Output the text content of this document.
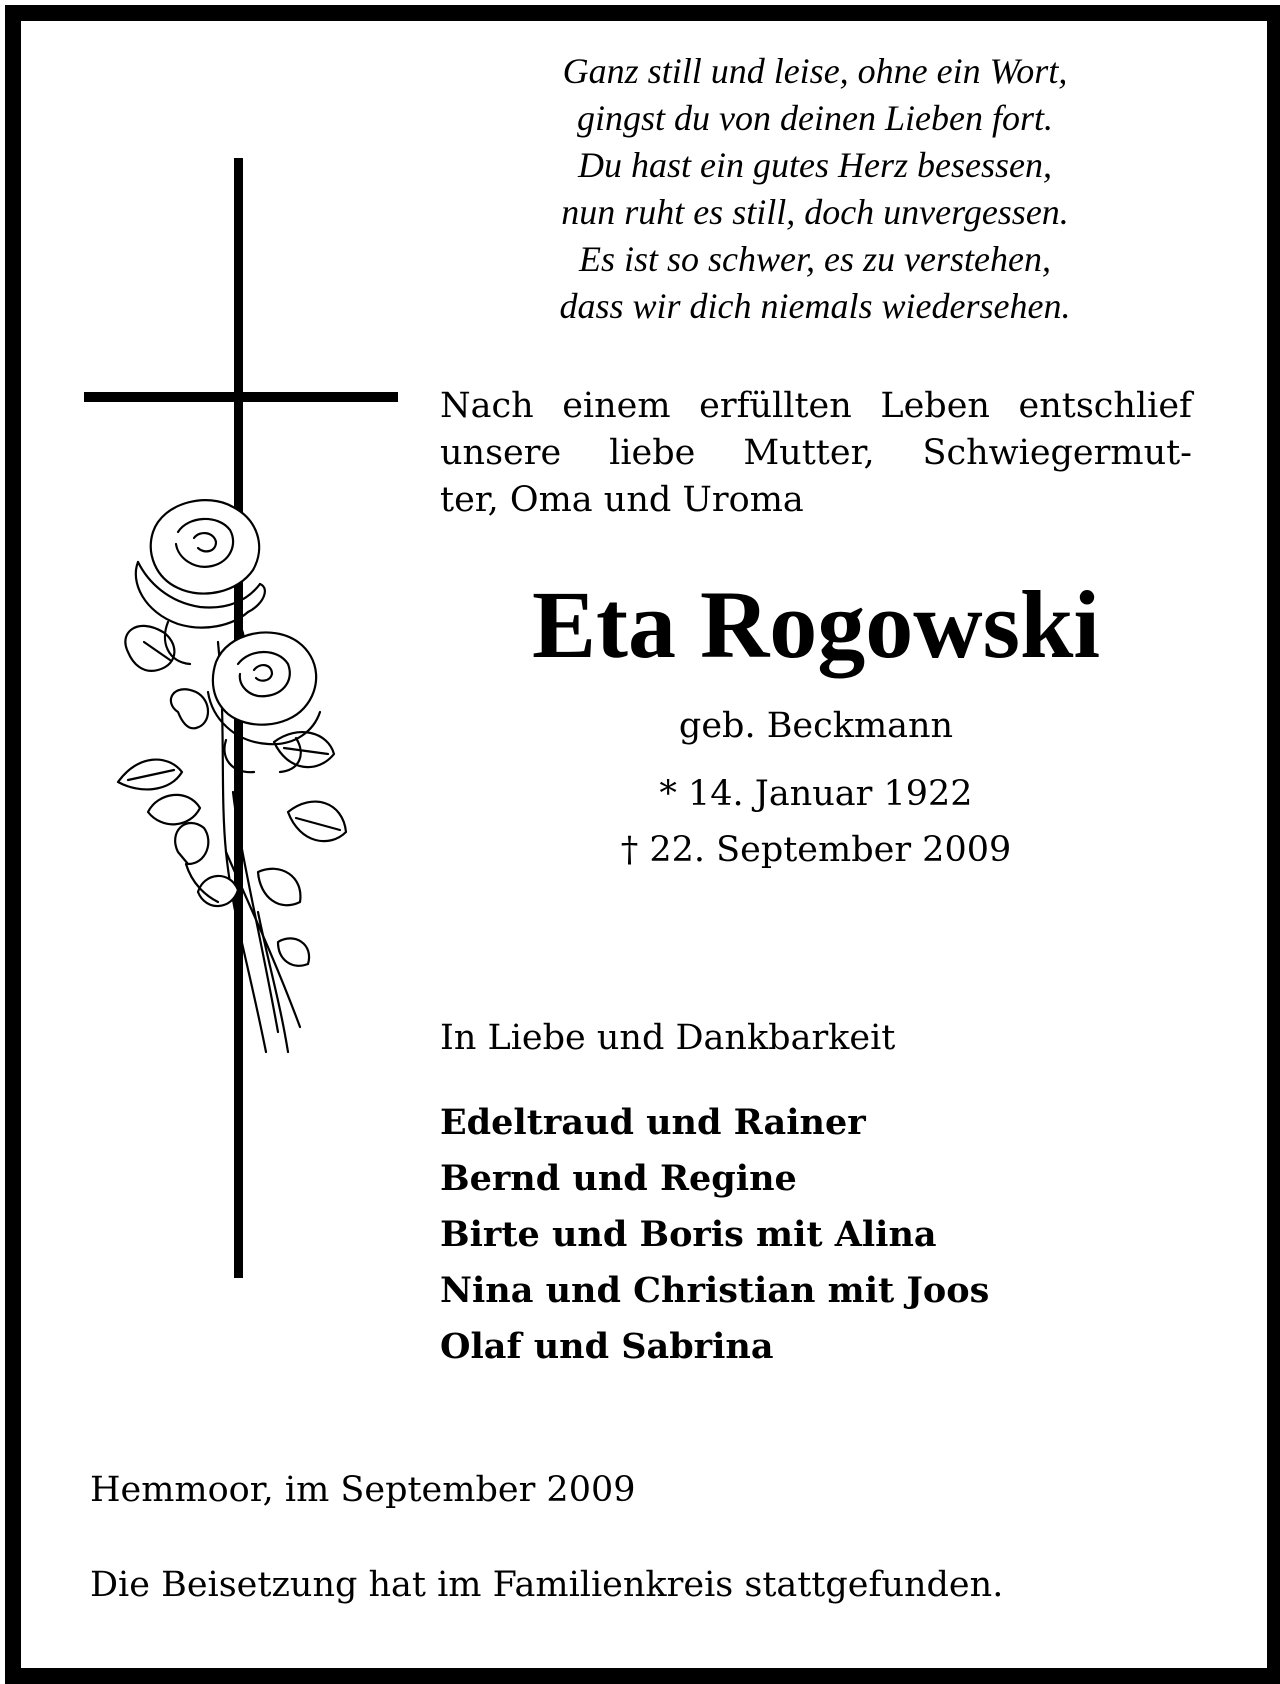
Ganz still und leise, ohne ein Wort,
gingst du von deinen Lieben fort.
Du hast ein gutes Herz besessen,
nun ruht es still, doch unvergessen.
Es ist so schwer, es zu verstehen,
dass wir dich niemals wiedersehen.
Nach einem erfüllten Leben entschlief
unsere liebe Mutter, Schwiegermut-
ter, Oma und Uroma
Eta Rogowski
geb. Beckmann
* 14. Januar 1922
† 22. September 2009
In Liebe und Dankbarkeit
Edeltraud und Rainer
Bernd und Regine
Birte und Boris mit Alina
Nina und Christian mit Joos
Olaf und Sabrina
Hemmoor, im September 2009
Die Beisetzung hat im Familienkreis stattgefunden.
